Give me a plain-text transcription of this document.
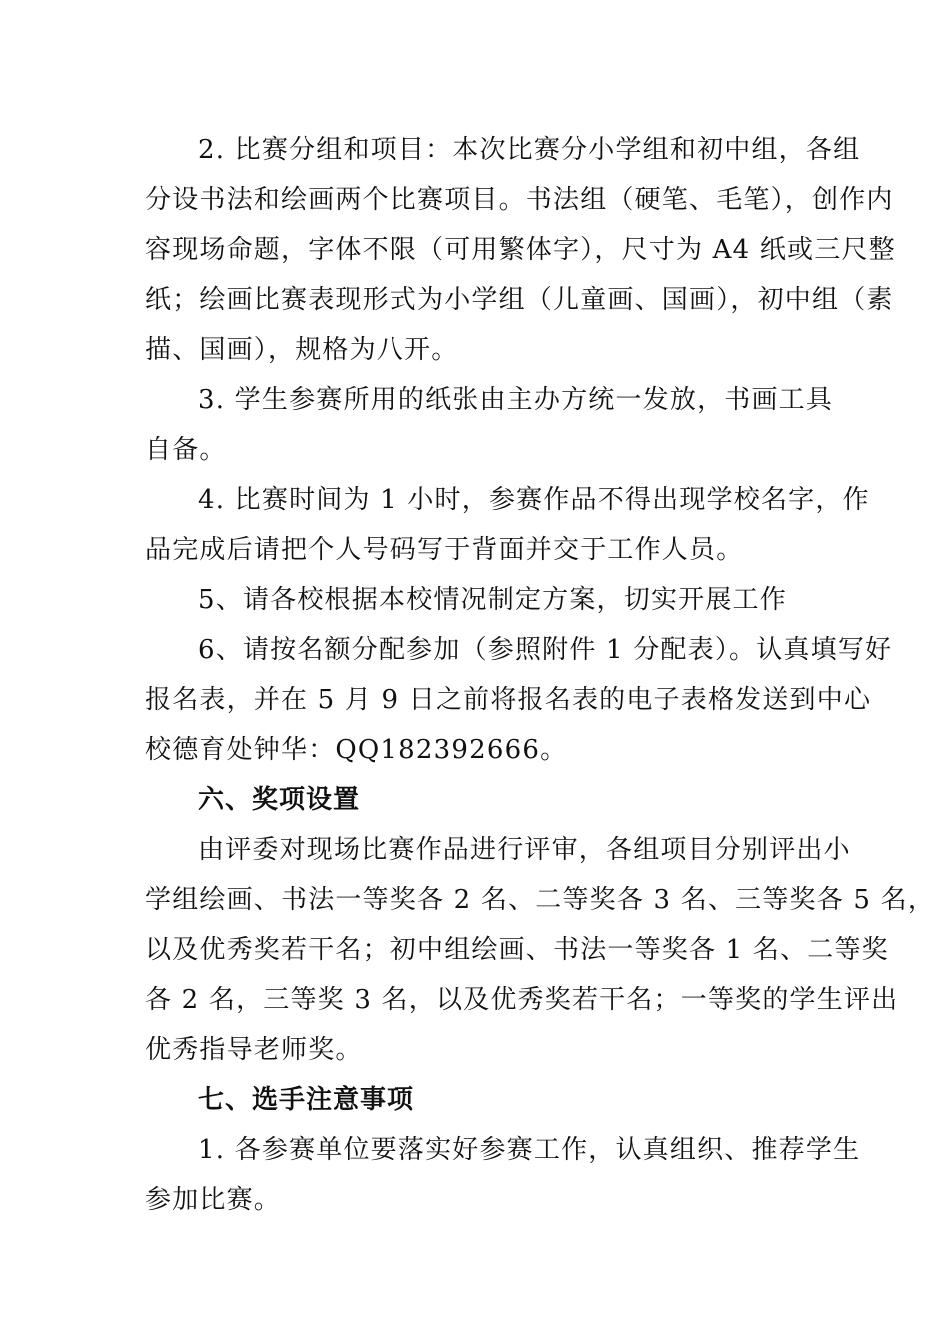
2. 比赛分组和项目：本次比赛分小学组和初中组，各组
分设书法和绘画两个比赛项目。书法组（硬笔、毛笔），创作内
容现场命题，字体不限（可用繁体字），尺寸为 A4 纸或三尺整
纸；绘画比赛表现形式为小学组（儿童画、国画），初中组（素
描、国画），规格为八开。
3. 学生参赛所用的纸张由主办方统一发放，书画工具
自备。
4. 比赛时间为 1 小时，参赛作品不得出现学校名字，作
品完成后请把个人号码写于背面并交于工作人员。
5、请各校根据本校情况制定方案，切实开展工作
6、请按名额分配参加（参照附件 1 分配表）。认真填写好
报名表，并在 5 月 9 日之前将报名表的电子表格发送到中心
校德育处钟华：QQ182392666。
六、奖项设置
由评委对现场比赛作品进行评审，各组项目分别评出小
学组绘画、书法一等奖各 2 名、二等奖各 3 名、三等奖各 5 名，
以及优秀奖若干名；初中组绘画、书法一等奖各 1 名、二等奖
各 2 名，三等奖 3 名，以及优秀奖若干名；一等奖的学生评出
优秀指导老师奖。
七、选手注意事项
1. 各参赛单位要落实好参赛工作，认真组织、推荐学生
参加比赛。
